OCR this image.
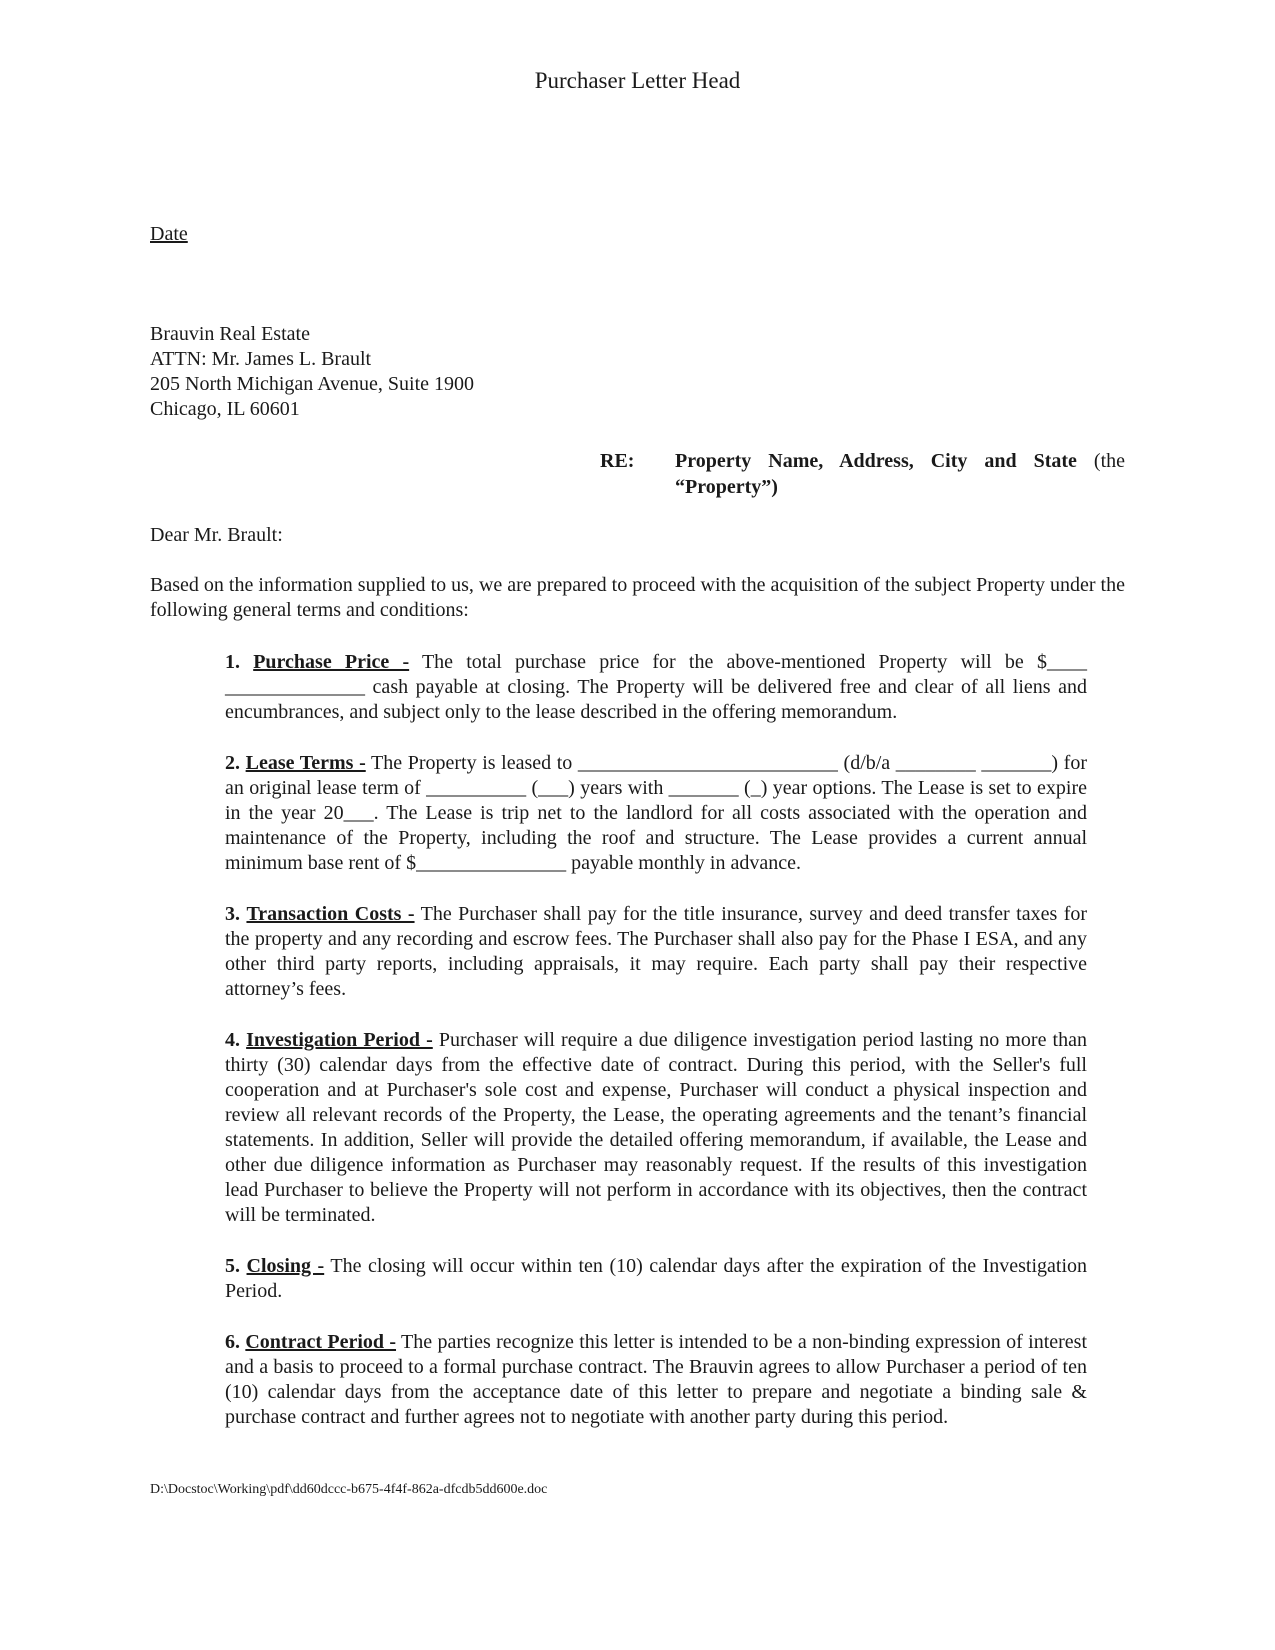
Purchaser Letter Head
Date
Brauvin Real Estate
ATTN: Mr. James L. Brault
205 North Michigan Avenue, Suite 1900
Chicago, IL 60601
RE: Property Name, Address, City and State (the
“Property”)
Dear Mr. Brault:
Based on the information supplied to us, we are prepared to proceed with the acquisition of the subject Property under the following general terms and conditions:

1. Purchase Price - The total purchase price for the above-mentioned Property will be $____ ______________ cash payable at closing. The Property will be delivered free and clear of all liens and encumbrances, and subject only to the lease described in the offering memorandum.

2. Lease Terms - The Property is leased to __________________________ (d/b/a ________ _______) for an original lease term of __________ (___) years with _______ (_) year options. The Lease is set to expire in the year 20___. The Lease is trip net to the landlord for all costs associated with the operation and maintenance of the Property, including the roof and structure. The Lease provides a current annual minimum base rent of $_______________ payable monthly in advance.

3. Transaction Costs - The Purchaser shall pay for the title insurance, survey and deed transfer taxes for the property and any recording and escrow fees. The Purchaser shall also pay for the Phase I ESA, and any other third party reports, including appraisals, it may require. Each party shall pay their respective attorney’s fees.

4. Investigation Period - Purchaser will require a due diligence investigation period lasting no more than thirty (30) calendar days from the effective date of contract. During this period, with the Seller's full cooperation and at Purchaser's sole cost and expense, Purchaser will conduct a physical inspection and review all relevant records of the Property, the Lease, the operating agreements and the tenant’s financial statements. In addition, Seller will provide the detailed offering memorandum, if available, the Lease and other due diligence information as Purchaser may reasonably request. If the results of this investigation lead Purchaser to believe the Property will not perform in accordance with its objectives, then the contract will be terminated.

5. Closing - The closing will occur within ten (10) calendar days after the expiration of the Investigation Period.

6. Contract Period - The parties recognize this letter is intended to be a non-binding expression of interest and a basis to proceed to a formal purchase contract. The Brauvin agrees to allow Purchaser a period of ten (10) calendar days from the acceptance date of this letter to prepare and negotiate a binding sale & purchase contract and further agrees not to negotiate with another party during this period.

D:\Docstoc\Working\pdf\dd60dccc-b675-4f4f-862a-dfcdb5dd600e.doc
